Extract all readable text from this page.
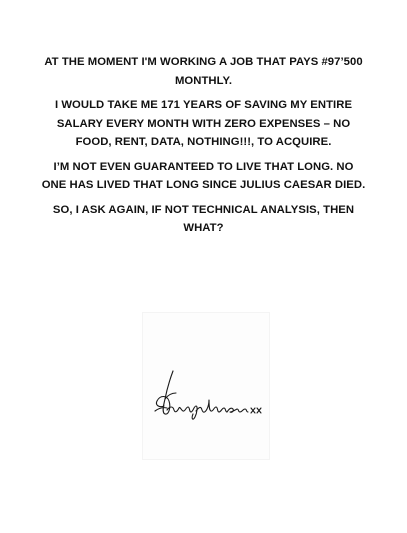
AT THE MOMENT I'M WORKING A JOB THAT PAYS #97’500 MONTHLY.

I WOULD TAKE ME 171 YEARS OF SAVING MY ENTIRE SALARY EVERY MONTH WITH ZERO EXPENSES – NO FOOD, RENT, DATA, NOTHING!!!, TO ACQUIRE.

I’M NOT EVEN GUARANTEED TO LIVE THAT LONG. NO ONE HAS LIVED THAT LONG SINCE JULIUS CAESAR DIED.

SO, I ASK AGAIN, IF NOT TECHNICAL ANALYSIS, THEN WHAT?
